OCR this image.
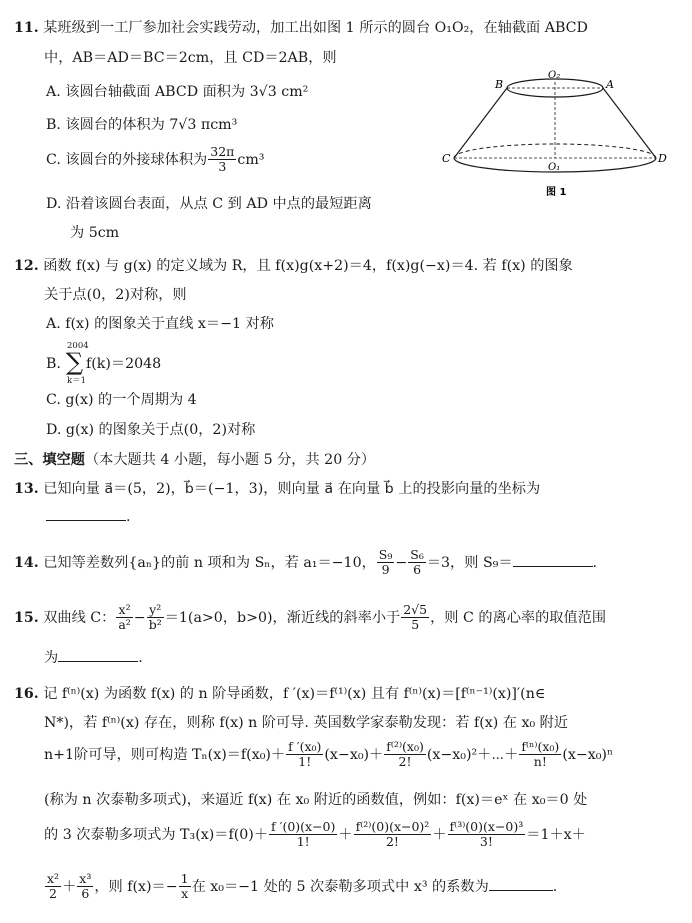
11. 某班级到一工厂参加社会实践劳动，加工出如图 1 所示的圆台 O₁O₂，在轴截面 ABCD
中，AB＝AD＝BC＝2cm，且 CD＝2AB，则
A. 该圆台轴截面 ABCD 面积为 3√3 cm²
B. 该圆台的体积为 7√3 πcm³
C. 该圆台的外接球体积为 $\frac{32\pi}{3} cm^3$
D. 沿着该圆台表面，从点 C 到 AD 中点的最短距离
为 5cm
B	A
O₂
C	D
O₁
图 1
12. 函数 f(x) 与 g(x) 的定义域为 R，且 f(x)g(x+2)＝4，f(x)g(−x)＝4. 若 f(x) 的图象
关于点(0，2)对称，则
A. f(x) 的图象关于直线 x＝−1 对称
B.
2004
∑
k＝1
f(k)＝2048
C. g(x) 的一个周期为 4
D. g(x) 的图象关于点(0，2)对称
三、填空题（本大题共 4 小题，每小题 5 分，共 20 分）
13. 已知向量 a⃗＝(5，2)，b⃗＝(−1，3)，则向量 a⃗ 在向量 b⃗ 上的投影向量的坐标为
.
14. 已知等差数列{aₙ}的前 n 项和为 Sₙ，若 a₁＝−10， $\frac{\text{S₉}}{9} - \frac{\text{S₆}}{6} =3$，则 S₉＝	.
15. 双曲线 C： $\frac{\text{x²}}{\text{a²}} - \frac{\text{y²}}{\text{b²}} =1(a>0$，b>0)，渐近线的斜率小于 $\frac{2√5}{5}$ ，则 C 的离心率的取值范围
为	.
16. 记 f⁽ⁿ⁾(x) 为函数 f(x) 的 n 阶导函数，f ′(x)＝f⁽¹⁾(x) 且有 f⁽ⁿ⁾(x)＝[f⁽ⁿ⁻¹⁾(x)]′(n∈
N*)，若 f⁽ⁿ⁾(x) 存在，则称 f(x) n 阶可导. 英国数学家泰勒发现：若 f(x) 在 x₀ 附近
n+1阶可导，则可构造 $T_n(x)=f(x_0)+ \frac{\text{f ′(x₀)}}{1!} (x-x_0)+ \frac{\text{f⁽²⁾(x₀)}}{2!}$ (x−x₀)²＋⋯＋ $\frac{\text{f⁽ⁿ⁾(x₀)}}{n!} (x-x_0)^n$
(称为 n 次泰勒多项式)，来逼近 f(x) 在 x₀ 附近的函数值，例如：f(x)＝eˣ 在 x₀＝0 处
的 3 次泰勒多项式为 $T_3(x)=f(0)+ \frac{f '(0)(x-0)}{1!} + \frac{\text{f⁽²⁾(0)(x−0)²}}{2!} + \frac{\text{f⁽³⁾(0)(x−0)³}}{3!} =1+x+$
$\frac{\text{x²}}{2} + \frac{\text{x³}}{6}$ ，则 $f(x)=- \frac{1}{x}$ 在 x₀＝−1 处的 5 次泰勒多项式中 x³ 的系数为	.
